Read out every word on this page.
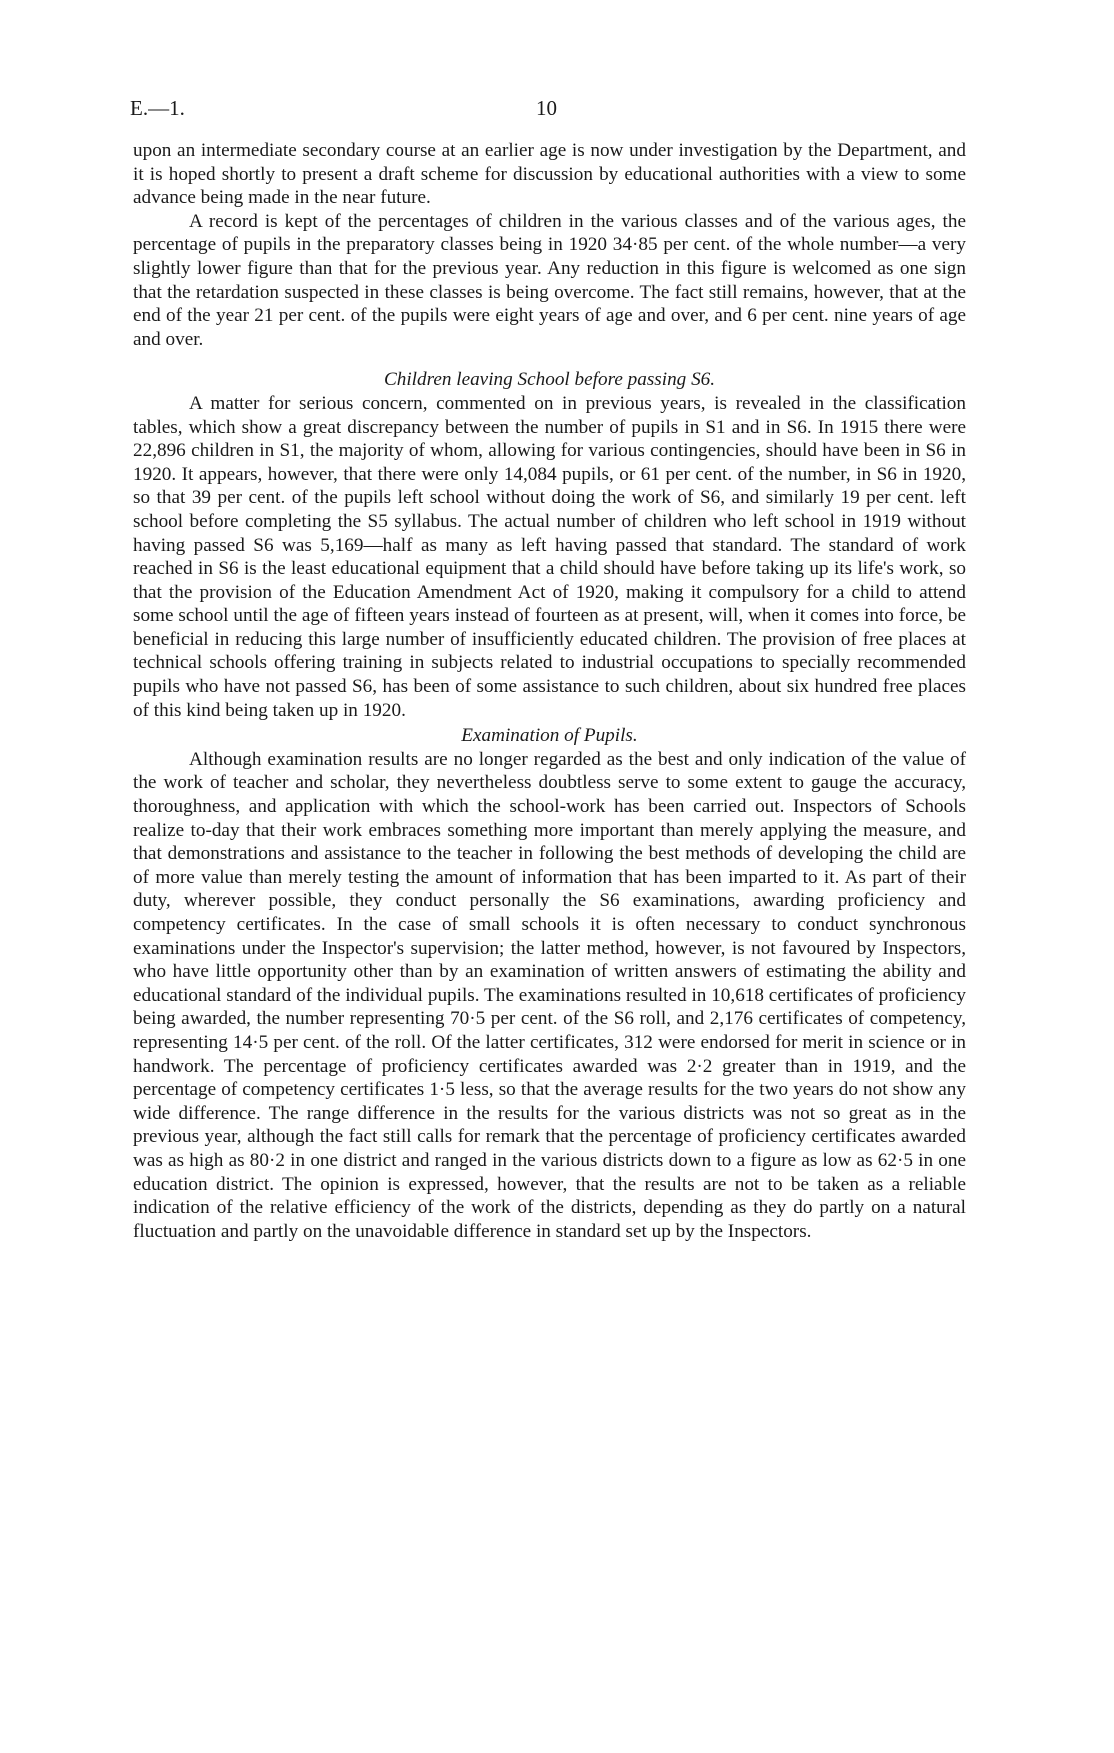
E.—1.	10

upon an intermediate secondary course at an earlier age is now under investigation by the Department, and it is hoped shortly to present a draft scheme for discussion by educational authorities with a view to some advance being made in the near future.

A record is kept of the percentages of children in the various classes and of the various ages, the percentage of pupils in the preparatory classes being in 1920 34·85 per cent. of the whole number—a very slightly lower figure than that for the previous year. Any reduction in this figure is welcomed as one sign that the retardation suspected in these classes is being overcome. The fact still remains, however, that at the end of the year 21 per cent. of the pupils were eight years of age and over, and 6 per cent. nine years of age and over.

Children leaving School before passing S6.

A matter for serious concern, commented on in previous years, is revealed in the classification tables, which show a great discrepancy between the number of pupils in S1 and in S6. In 1915 there were 22,896 children in S1, the majority of whom, allowing for various contingencies, should have been in S6 in 1920. It appears, however, that there were only 14,084 pupils, or 61 per cent. of the number, in S6 in 1920, so that 39 per cent. of the pupils left school without doing the work of S6, and similarly 19 per cent. left school before completing the S5 syllabus. The actual number of children who left school in 1919 without having passed S6 was 5,169—half as many as left having passed that standard. The standard of work reached in S6 is the least educational equipment that a child should have before taking up its life's work, so that the provision of the Education Amendment Act of 1920, making it compulsory for a child to attend some school until the age of fifteen years instead of fourteen as at present, will, when it comes into force, be beneficial in reducing this large number of insufficiently educated children. The provision of free places at technical schools offering training in subjects related to industrial occupations to specially recommended pupils who have not passed S6, has been of some assistance to such children, about six hundred free places of this kind being taken up in 1920.

Examination of Pupils.

Although examination results are no longer regarded as the best and only indication of the value of the work of teacher and scholar, they nevertheless doubtless serve to some extent to gauge the accuracy, thoroughness, and application with which the school-work has been carried out. Inspectors of Schools realize to-day that their work embraces something more important than merely applying the measure, and that demonstrations and assistance to the teacher in following the best methods of developing the child are of more value than merely testing the amount of information that has been imparted to it. As part of their duty, wherever possible, they conduct personally the S6 examinations, awarding proficiency and competency certificates. In the case of small schools it is often necessary to conduct synchronous examinations under the Inspector's supervision; the latter method, however, is not favoured by Inspectors, who have little opportunity other than by an examination of written answers of estimating the ability and educational standard of the individual pupils. The examinations resulted in 10,618 certificates of proficiency being awarded, the number representing 70·5 per cent. of the S6 roll, and 2,176 certificates of competency, representing 14·5 per cent. of the roll. Of the latter certificates, 312 were endorsed for merit in science or in handwork. The percentage of proficiency certificates awarded was 2·2 greater than in 1919, and the percentage of competency certificates 1·5 less, so that the average results for the two years do not show any wide difference. The range difference in the results for the various districts was not so great as in the previous year, although the fact still calls for remark that the percentage of proficiency certificates awarded was as high as 80·2 in one district and ranged in the various districts down to a figure as low as 62·5 in one education district. The opinion is expressed, however, that the results are not to be taken as a reliable indication of the relative efficiency of the work of the districts, depending as they do partly on a natural fluctuation and partly on the unavoidable difference in standard set up by the Inspectors.
